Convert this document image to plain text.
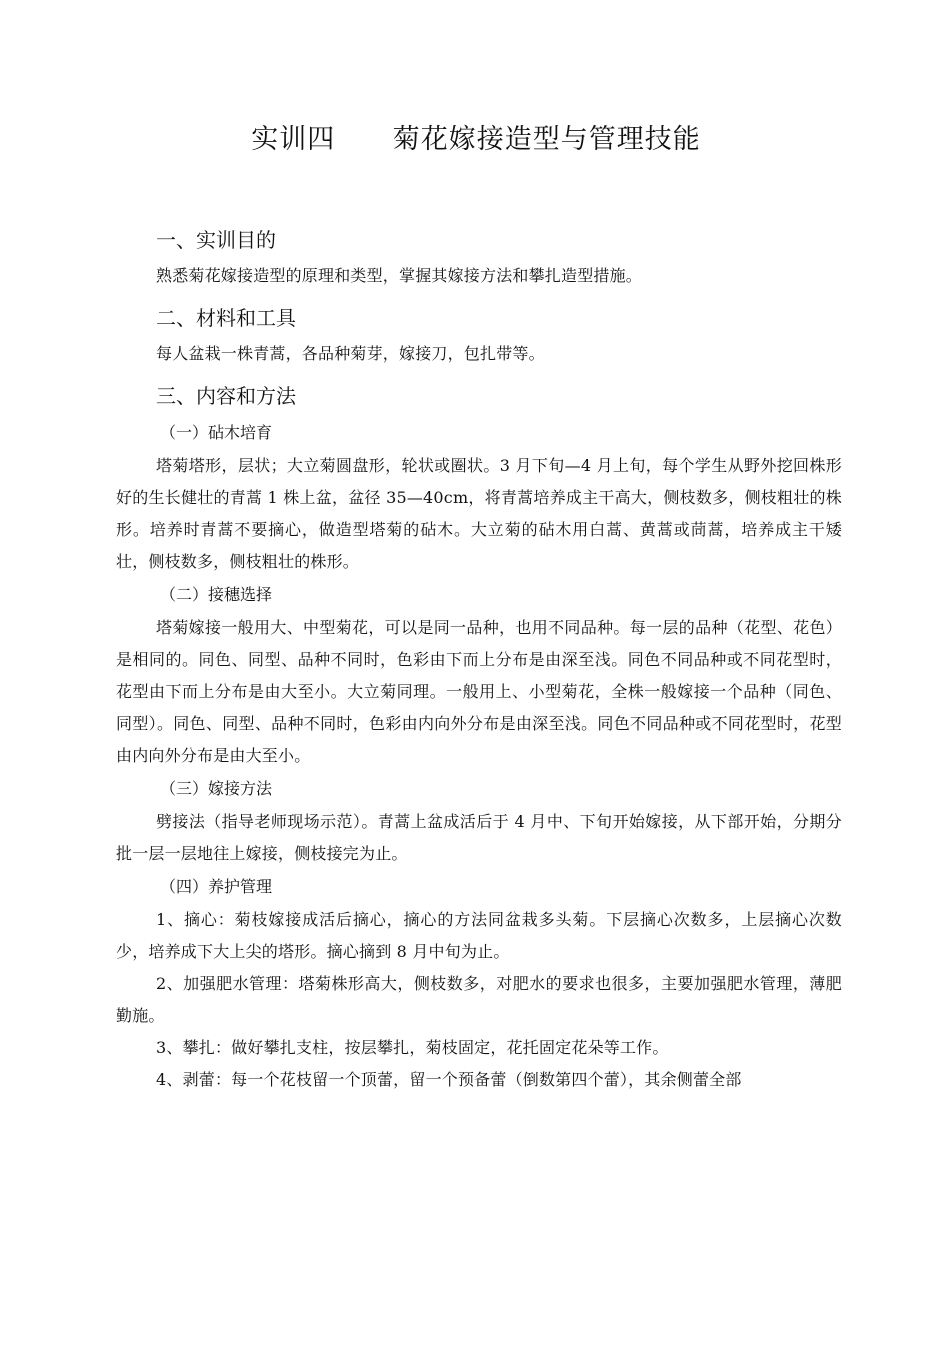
实训四      菊花嫁接造型与管理技能
一、实训目的
熟悉菊花嫁接造型的原理和类型，掌握其嫁接方法和攀扎造型措施。
二、材料和工具
每人盆栽一株青蒿，各品种菊芽，嫁接刀，包扎带等。
三、内容和方法
（一）砧木培育
塔菊塔形，层状；大立菊圆盘形，轮状或圈状。3 月下旬—4 月上旬，每个学生从野外挖回株形好的生长健壮的青蒿 1 株上盆，盆径 35—40cm，将青蒿培养成主干高大，侧枝数多，侧枝粗壮的株形。培养时青蒿不要摘心，做造型塔菊的砧木。大立菊的砧木用白蒿、黄蒿或茼蒿，培养成主干矮壮，侧枝数多，侧枝粗壮的株形。
（二）接穗选择
塔菊嫁接一般用大、中型菊花，可以是同一品种，也用不同品种。每一层的品种（花型、花色）是相同的。同色、同型、品种不同时，色彩由下而上分布是由深至浅。同色不同品种或不同花型时，花型由下而上分布是由大至小。大立菊同理。一般用上、小型菊花，全株一般嫁接一个品种（同色、同型）。同色、同型、品种不同时，色彩由内向外分布是由深至浅。同色不同品种或不同花型时，花型由内向外分布是由大至小。
（三）嫁接方法
劈接法（指导老师现场示范）。青蒿上盆成活后于 4 月中、下旬开始嫁接，从下部开始，分期分批一层一层地往上嫁接，侧枝接完为止。
（四）养护管理
1、摘心：菊枝嫁接成活后摘心，摘心的方法同盆栽多头菊。下层摘心次数多，上层摘心次数少，培养成下大上尖的塔形。摘心摘到 8 月中旬为止。
2、加强肥水管理：塔菊株形高大，侧枝数多，对肥水的要求也很多，主要加强肥水管理，薄肥勤施。
3、攀扎：做好攀扎支柱，按层攀扎，菊枝固定，花托固定花朵等工作。
4、剥蕾：每一个花枝留一个顶蕾，留一个预备蕾（倒数第四个蕾），其余侧蕾全部
